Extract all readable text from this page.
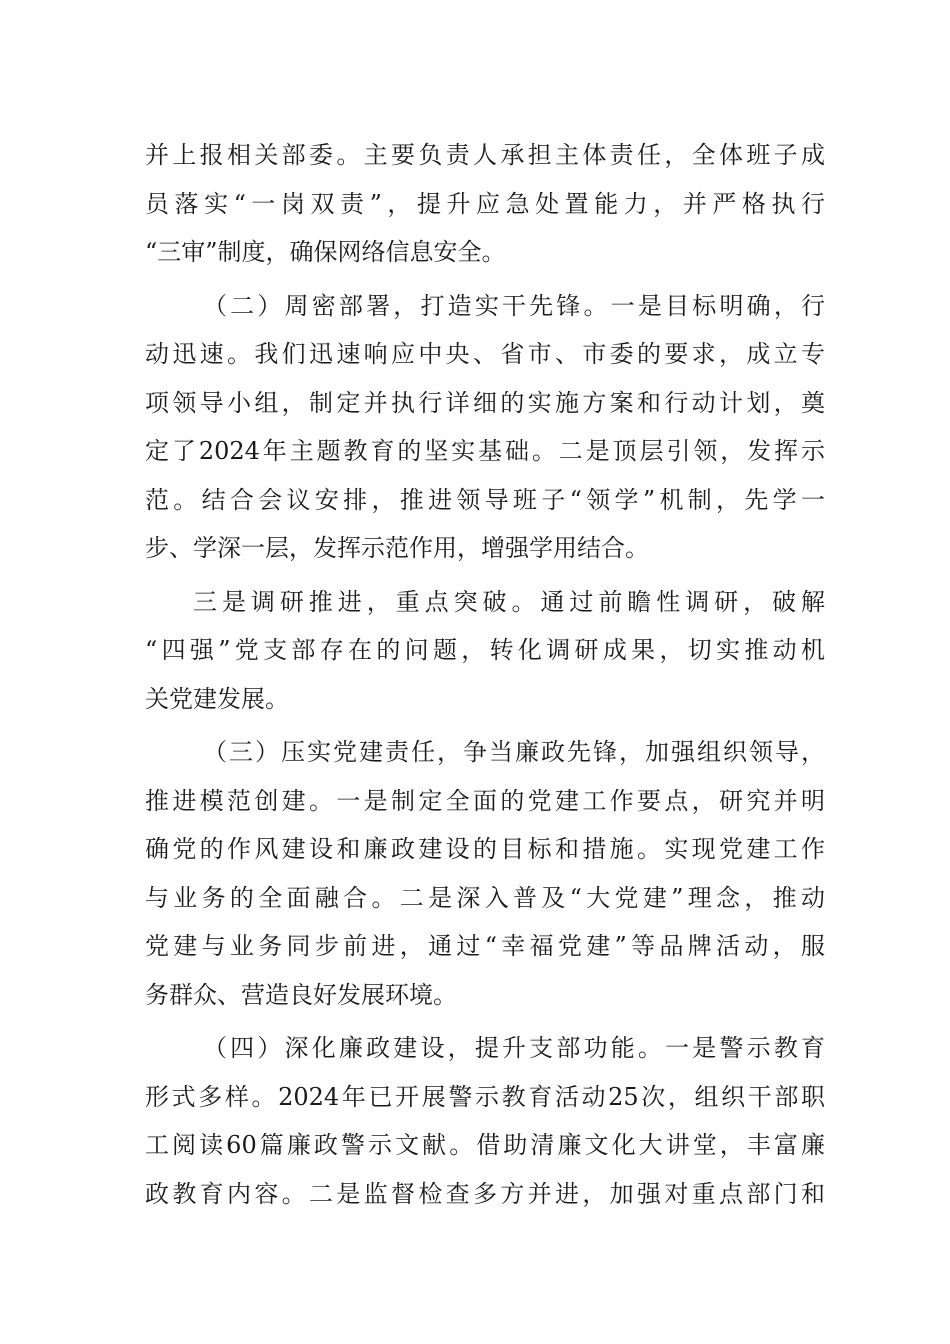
并上报相关部委。主要负责人承担主体责任，全体班子成
员落实“一岗双责”，提升应急处置能力，并严格执行
“三审”制度，确保网络信息安全。
（二）周密部署，打造实干先锋。一是目标明确，行
动迅速。我们迅速响应中央、省市、市委的要求，成立专
项领导小组，制定并执行详细的实施方案和行动计划，奠
定了2024年主题教育的坚实基础。二是顶层引领，发挥示
范。结合会议安排，推进领导班子“领学”机制，先学一
步、学深一层，发挥示范作用，增强学用结合。
三是调研推进，重点突破。通过前瞻性调研，破解
“四强”党支部存在的问题，转化调研成果，切实推动机
关党建发展。
（三）压实党建责任，争当廉政先锋，加强组织领导，
推进模范创建。一是制定全面的党建工作要点，研究并明
确党的作风建设和廉政建设的目标和措施。实现党建工作
与业务的全面融合。二是深入普及“大党建”理念，推动
党建与业务同步前进，通过“幸福党建”等品牌活动，服
务群众、营造良好发展环境。
（四）深化廉政建设，提升支部功能。一是警示教育
形式多样。2024年已开展警示教育活动25次，组织干部职
工阅读60篇廉政警示文献。借助清廉文化大讲堂，丰富廉
政教育内容。二是监督检查多方并进，加强对重点部门和
